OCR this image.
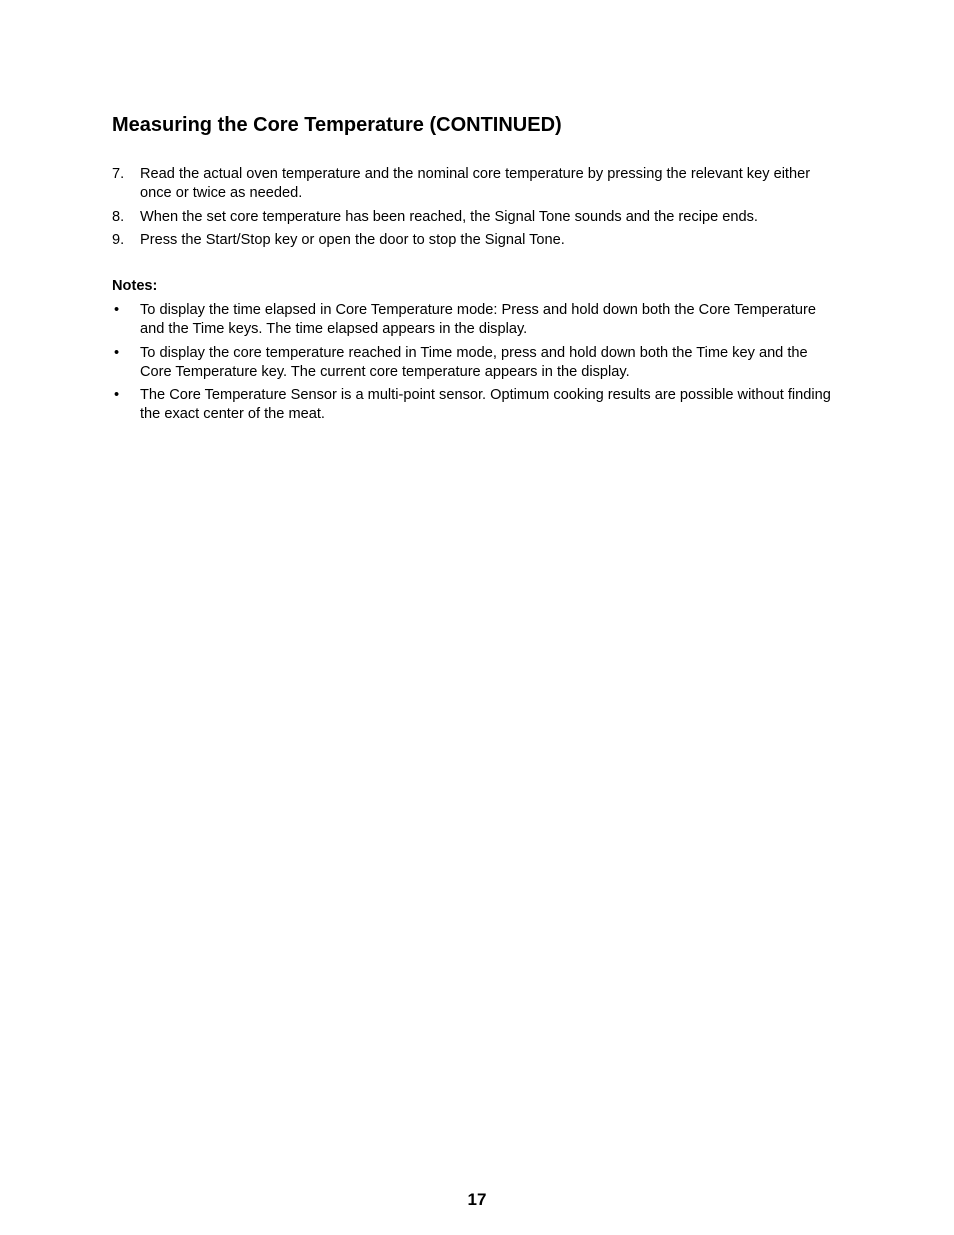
Measuring the Core Temperature (CONTINUED)
7. Read the actual oven temperature and the nominal core temperature by pressing the relevant key either once or twice as needed.
8. When the set core temperature has been reached, the Signal Tone sounds and the recipe ends.
9. Press the Start/Stop key or open the door to stop the Signal Tone.
Notes:
• To display the time elapsed in Core Temperature mode: Press and hold down both the Core Temperature and the Time keys. The time elapsed appears in the display.
• To display the core temperature reached in Time mode, press and hold down both the Time key and the Core Temperature key. The current core temperature appears in the display.
• The Core Temperature Sensor is a multi-point sensor. Optimum cooking results are possible without finding the exact center of the meat.
17
